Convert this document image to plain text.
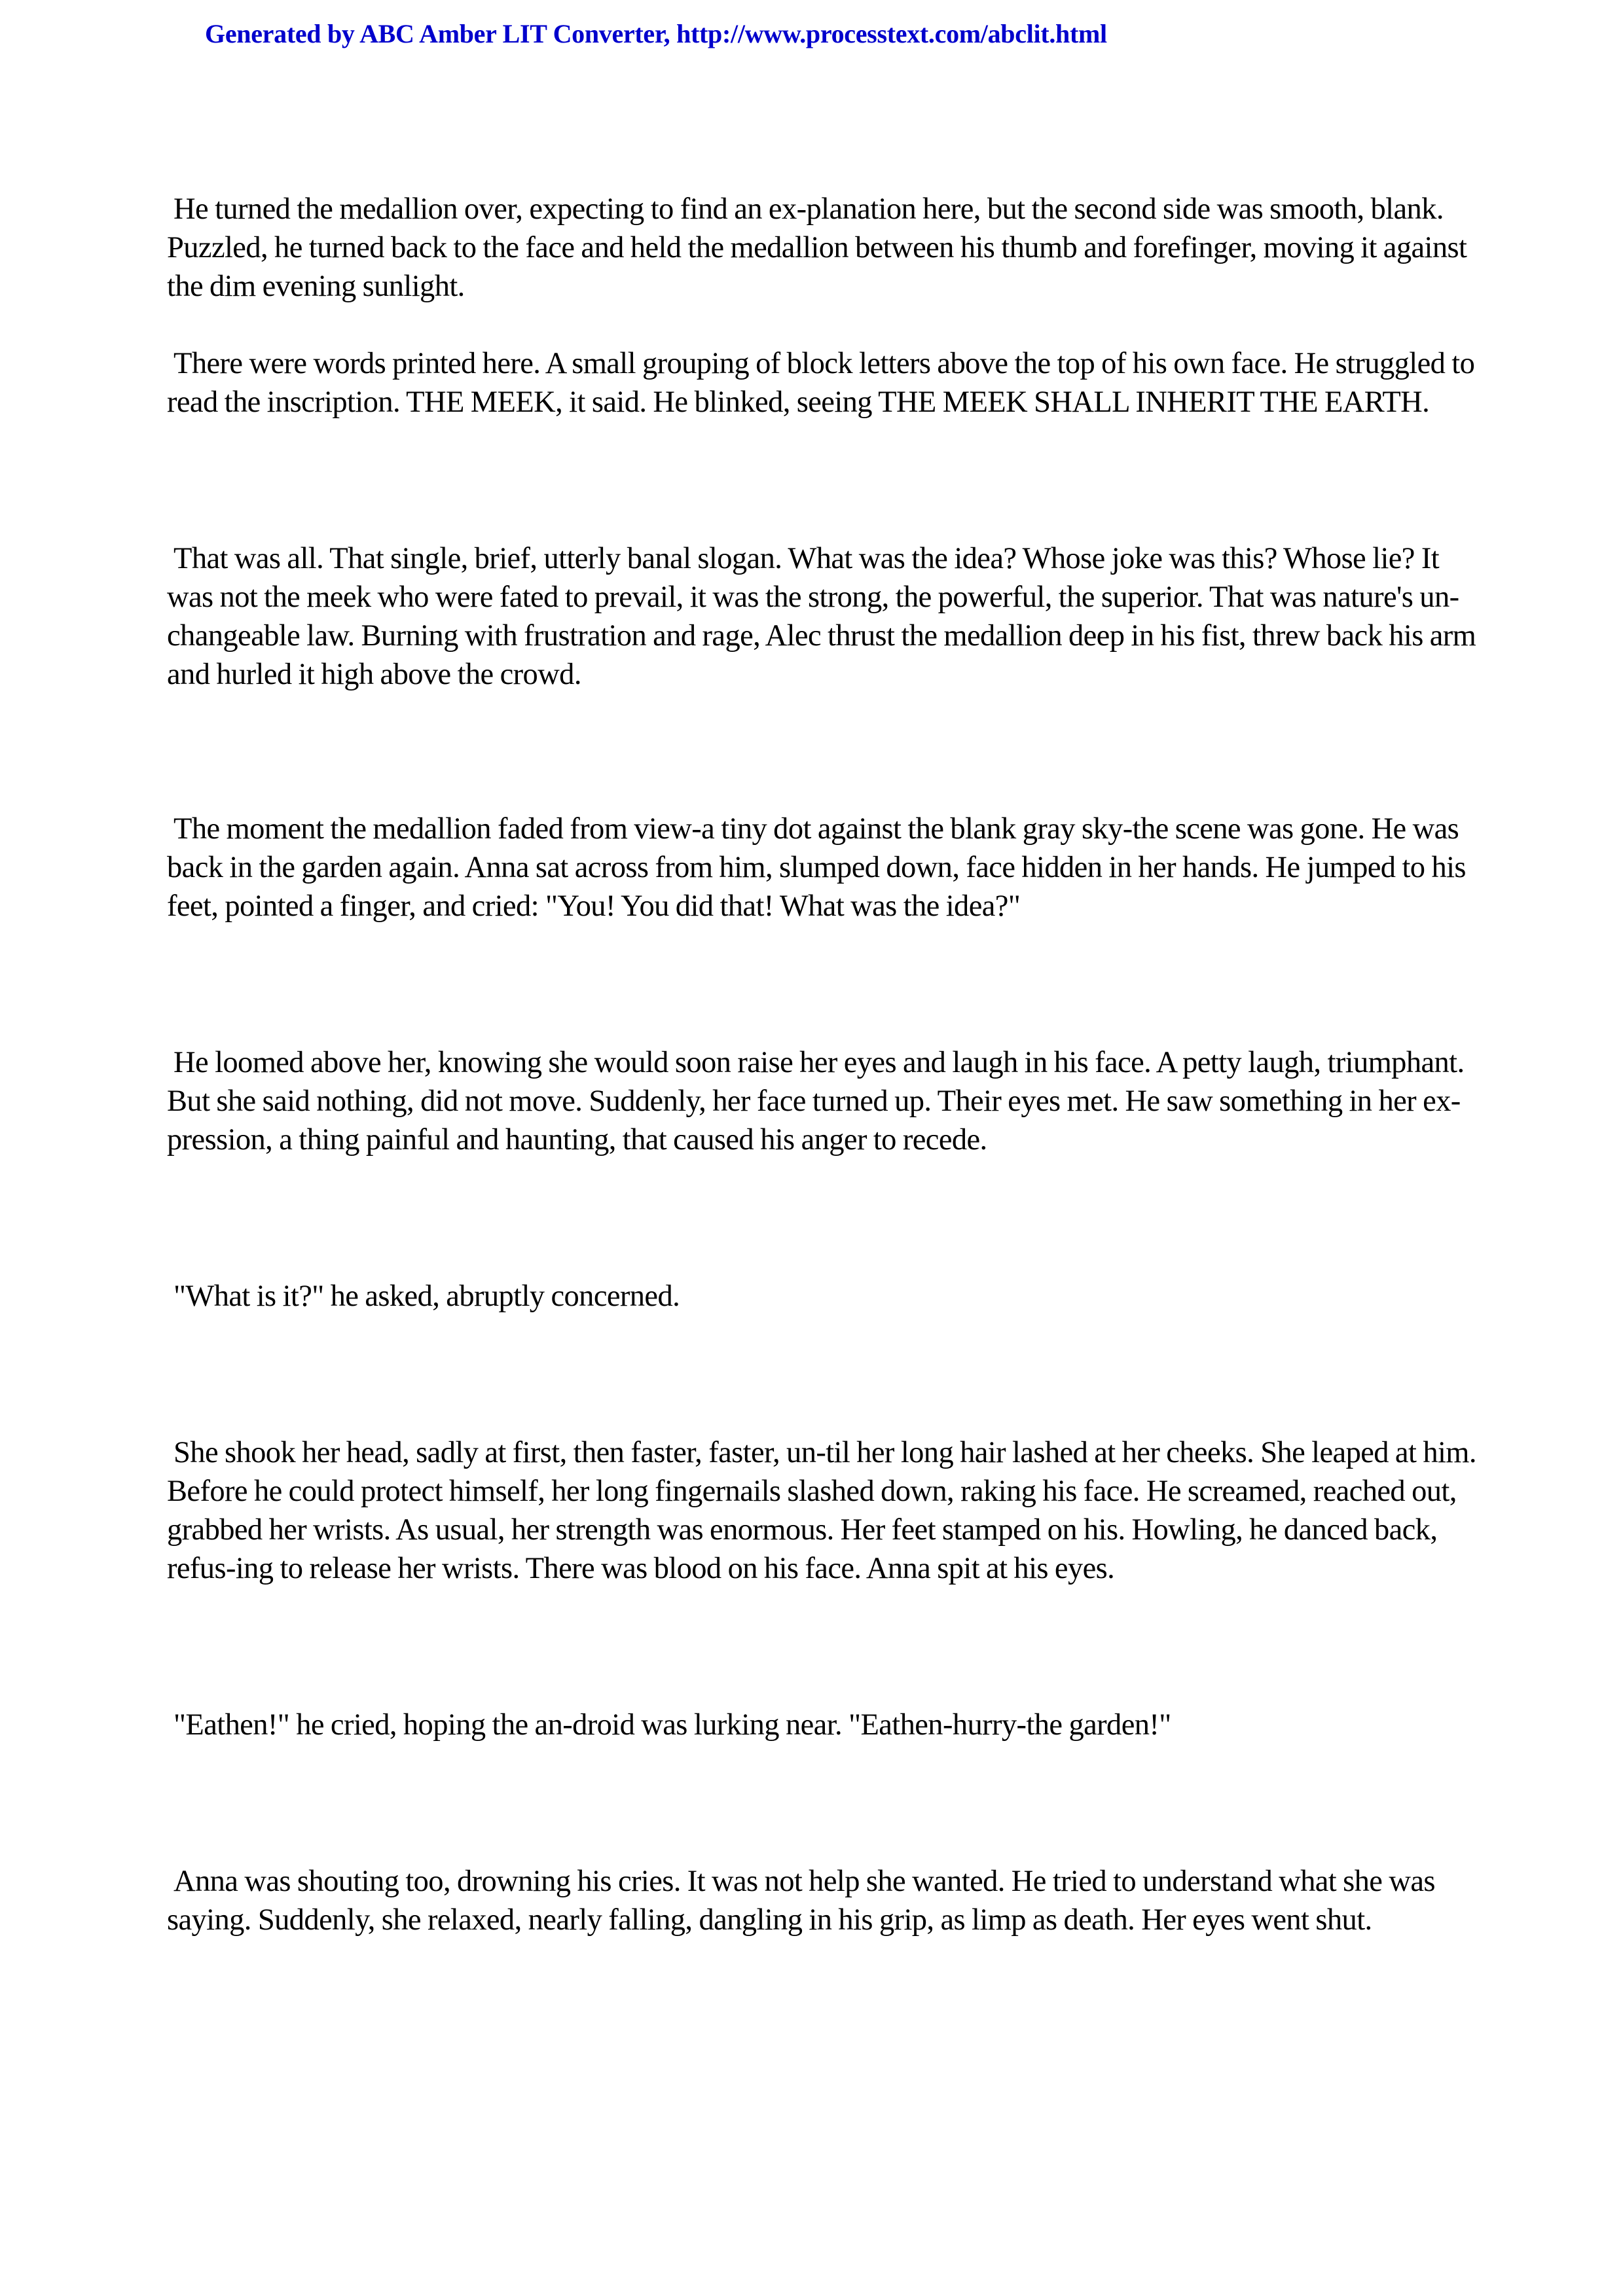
Generated by ABC Amber LIT Converter, http://www.processtext.com/abclit.html

He turned the medallion over, expecting to find an ex-planation here, but the second side was smooth, blank. Puzzled, he turned back to the face and held the medallion between his thumb and forefinger, moving it against the dim evening sunlight.

There were words printed here. A small grouping of block letters above the top of his own face. He struggled to read the inscription. THE MEEK, it said. He blinked, seeing THE MEEK SHALL INHERIT THE EARTH.

That was all. That single, brief, utterly banal slogan. What was the idea? Whose joke was this? Whose lie? It was not the meek who were fated to prevail, it was the strong, the powerful, the superior. That was nature's un-changeable law. Burning with frustration and rage, Alec thrust the medallion deep in his fist, threw back his arm and hurled it high above the crowd.

The moment the medallion faded from view-a tiny dot against the blank gray sky-the scene was gone. He was back in the garden again. Anna sat across from him, slumped down, face hidden in her hands. He jumped to his feet, pointed a finger, and cried: "You! You did that! What was the idea?"

He loomed above her, knowing she would soon raise her eyes and laugh in his face. A petty laugh, triumphant. But she said nothing, did not move. Suddenly, her face turned up. Their eyes met. He saw something in her ex-pression, a thing painful and haunting, that caused his anger to recede.

"What is it?" he asked, abruptly concerned.

She shook her head, sadly at first, then faster, faster, un-til her long hair lashed at her cheeks. She leaped at him. Before he could protect himself, her long fingernails slashed down, raking his face. He screamed, reached out, grabbed her wrists. As usual, her strength was enormous. Her feet stamped on his. Howling, he danced back, refus-ing to release her wrists. There was blood on his face. Anna spit at his eyes.

"Eathen!" he cried, hoping the an-droid was lurking near. "Eathen-hurry-the garden!"

Anna was shouting too, drowning his cries. It was not help she wanted. He tried to understand what she was saying. Suddenly, she relaxed, nearly falling, dangling in his grip, as limp as death. Her eyes went shut.
